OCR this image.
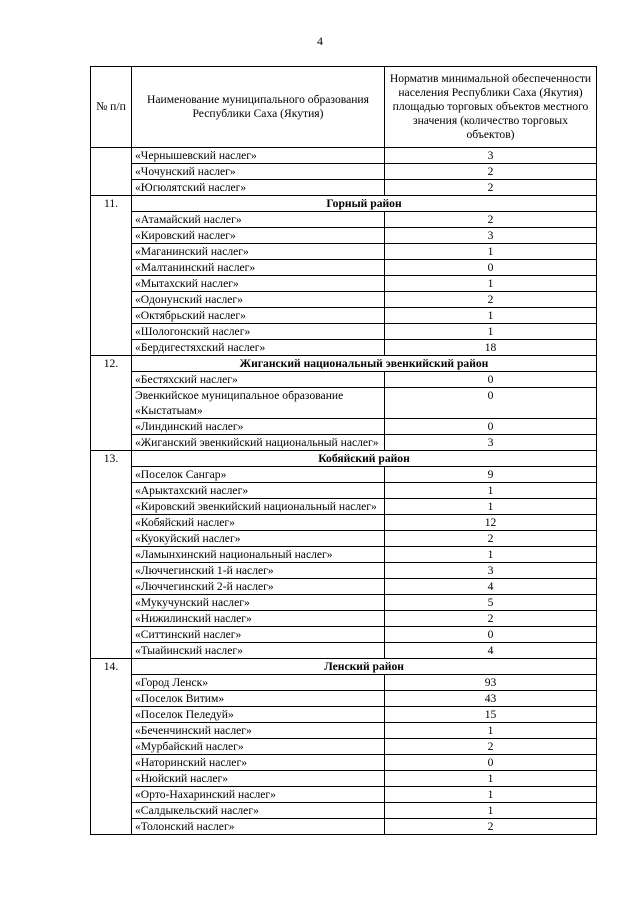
4
№ п/п	Наименование муниципального образования Республики Саха (Якутия)	Норматив минимальной обеспеченности населения Республики Саха (Якутия) площадью торговых объектов местного значения (количество торговых объектов)
	«Чернышевский наслег»	3
	«Чочунский наслег»	2
	«Югюлятский наслег»	2
11.	Горный район	
	«Атамайский наслег»	2
	«Кировский наслег»	3
	«Маганинский наслег»	1
	«Малтанинский наслег»	0
	«Мытахский наслег»	1
	«Одонунский наслег»	2
	«Октябрьский наслег»	1
	«Шологонский наслег»	1
	«Бердигестяхский наслег»	18
12.	Жиганский национальный эвенкийский район	
	«Бестяхский наслег»	0
	Эвенкийское муниципальное образование «Кыстатыам»	0
	«Линдинский наслег»	0
	«Жиганский эвенкийский национальный наслег»	3
13.	Кобяйский район	
	«Поселок Сангар»	9
	«Арыктахский наслег»	1
	«Кировский эвенкийский национальный наслег»	1
	«Кобяйский наслег»	12
	«Куокуйский наслег»	2
	«Ламынхинский национальный наслег»	1
	«Люччегинский 1-й наслег»	3
	«Люччегинский 2-й наслег»	4
	«Мукучунский наслег»	5
	«Нижилинский наслег»	2
	«Ситтинский наслег»	0
	«Тыайинский наслег»	4
14.	Ленский район	
	«Город Ленск»	93
	«Поселок Витим»	43
	«Поселок Пеледуй»	15
	«Беченчинский наслег»	1
	«Мурбайский наслег»	2
	«Наторинский наслег»	0
	«Нюйский наслег»	1
	«Орто-Нахаринский наслег»	1
	«Салдыкельский наслег»	1
	«Толонский наслег»	2
